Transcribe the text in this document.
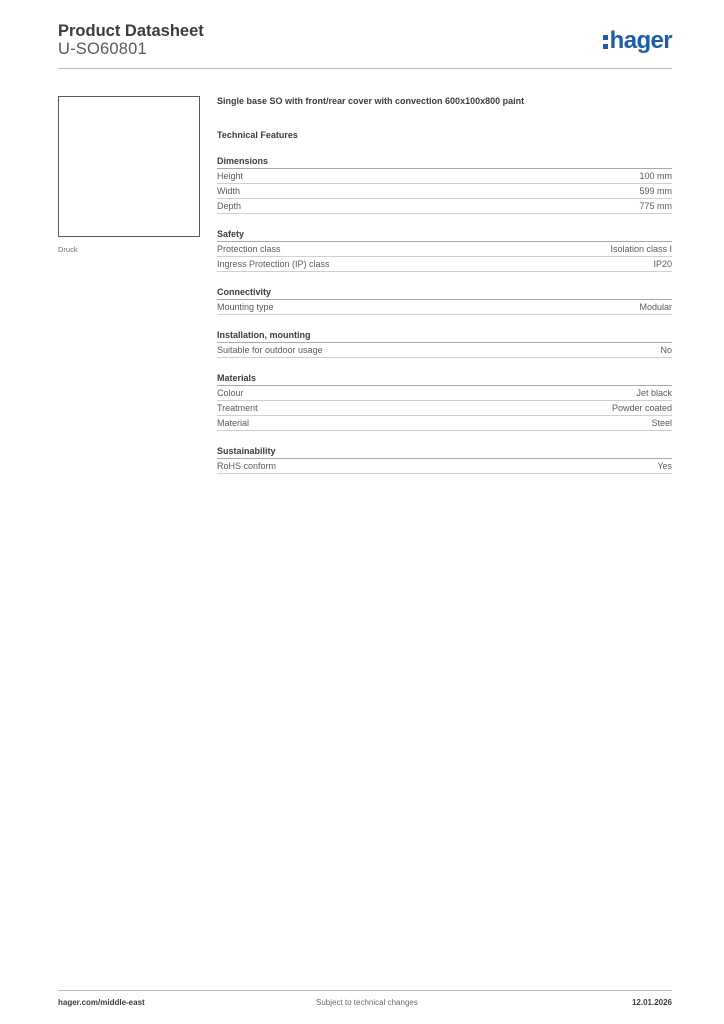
Product Datasheet
U-SO60801	hager
Druck
Single base SO with front/rear cover with convection 600x100x800 paint
Technical Features
Dimensions
Height	100 mm
Width	599 mm
Depth	775 mm
Safety
Protection class	Isolation class I
Ingress Protection (IP) class	IP20
Connectivity
Mounting type	Modular
Installation, mounting
Suitable for outdoor usage	No
Materials
Colour	Jet black
Treatment	Powder coated
Material	Steel
Sustainability
RoHS conform	Yes
hager.com/middle-east	Subject to technical changes	12.01.2026
